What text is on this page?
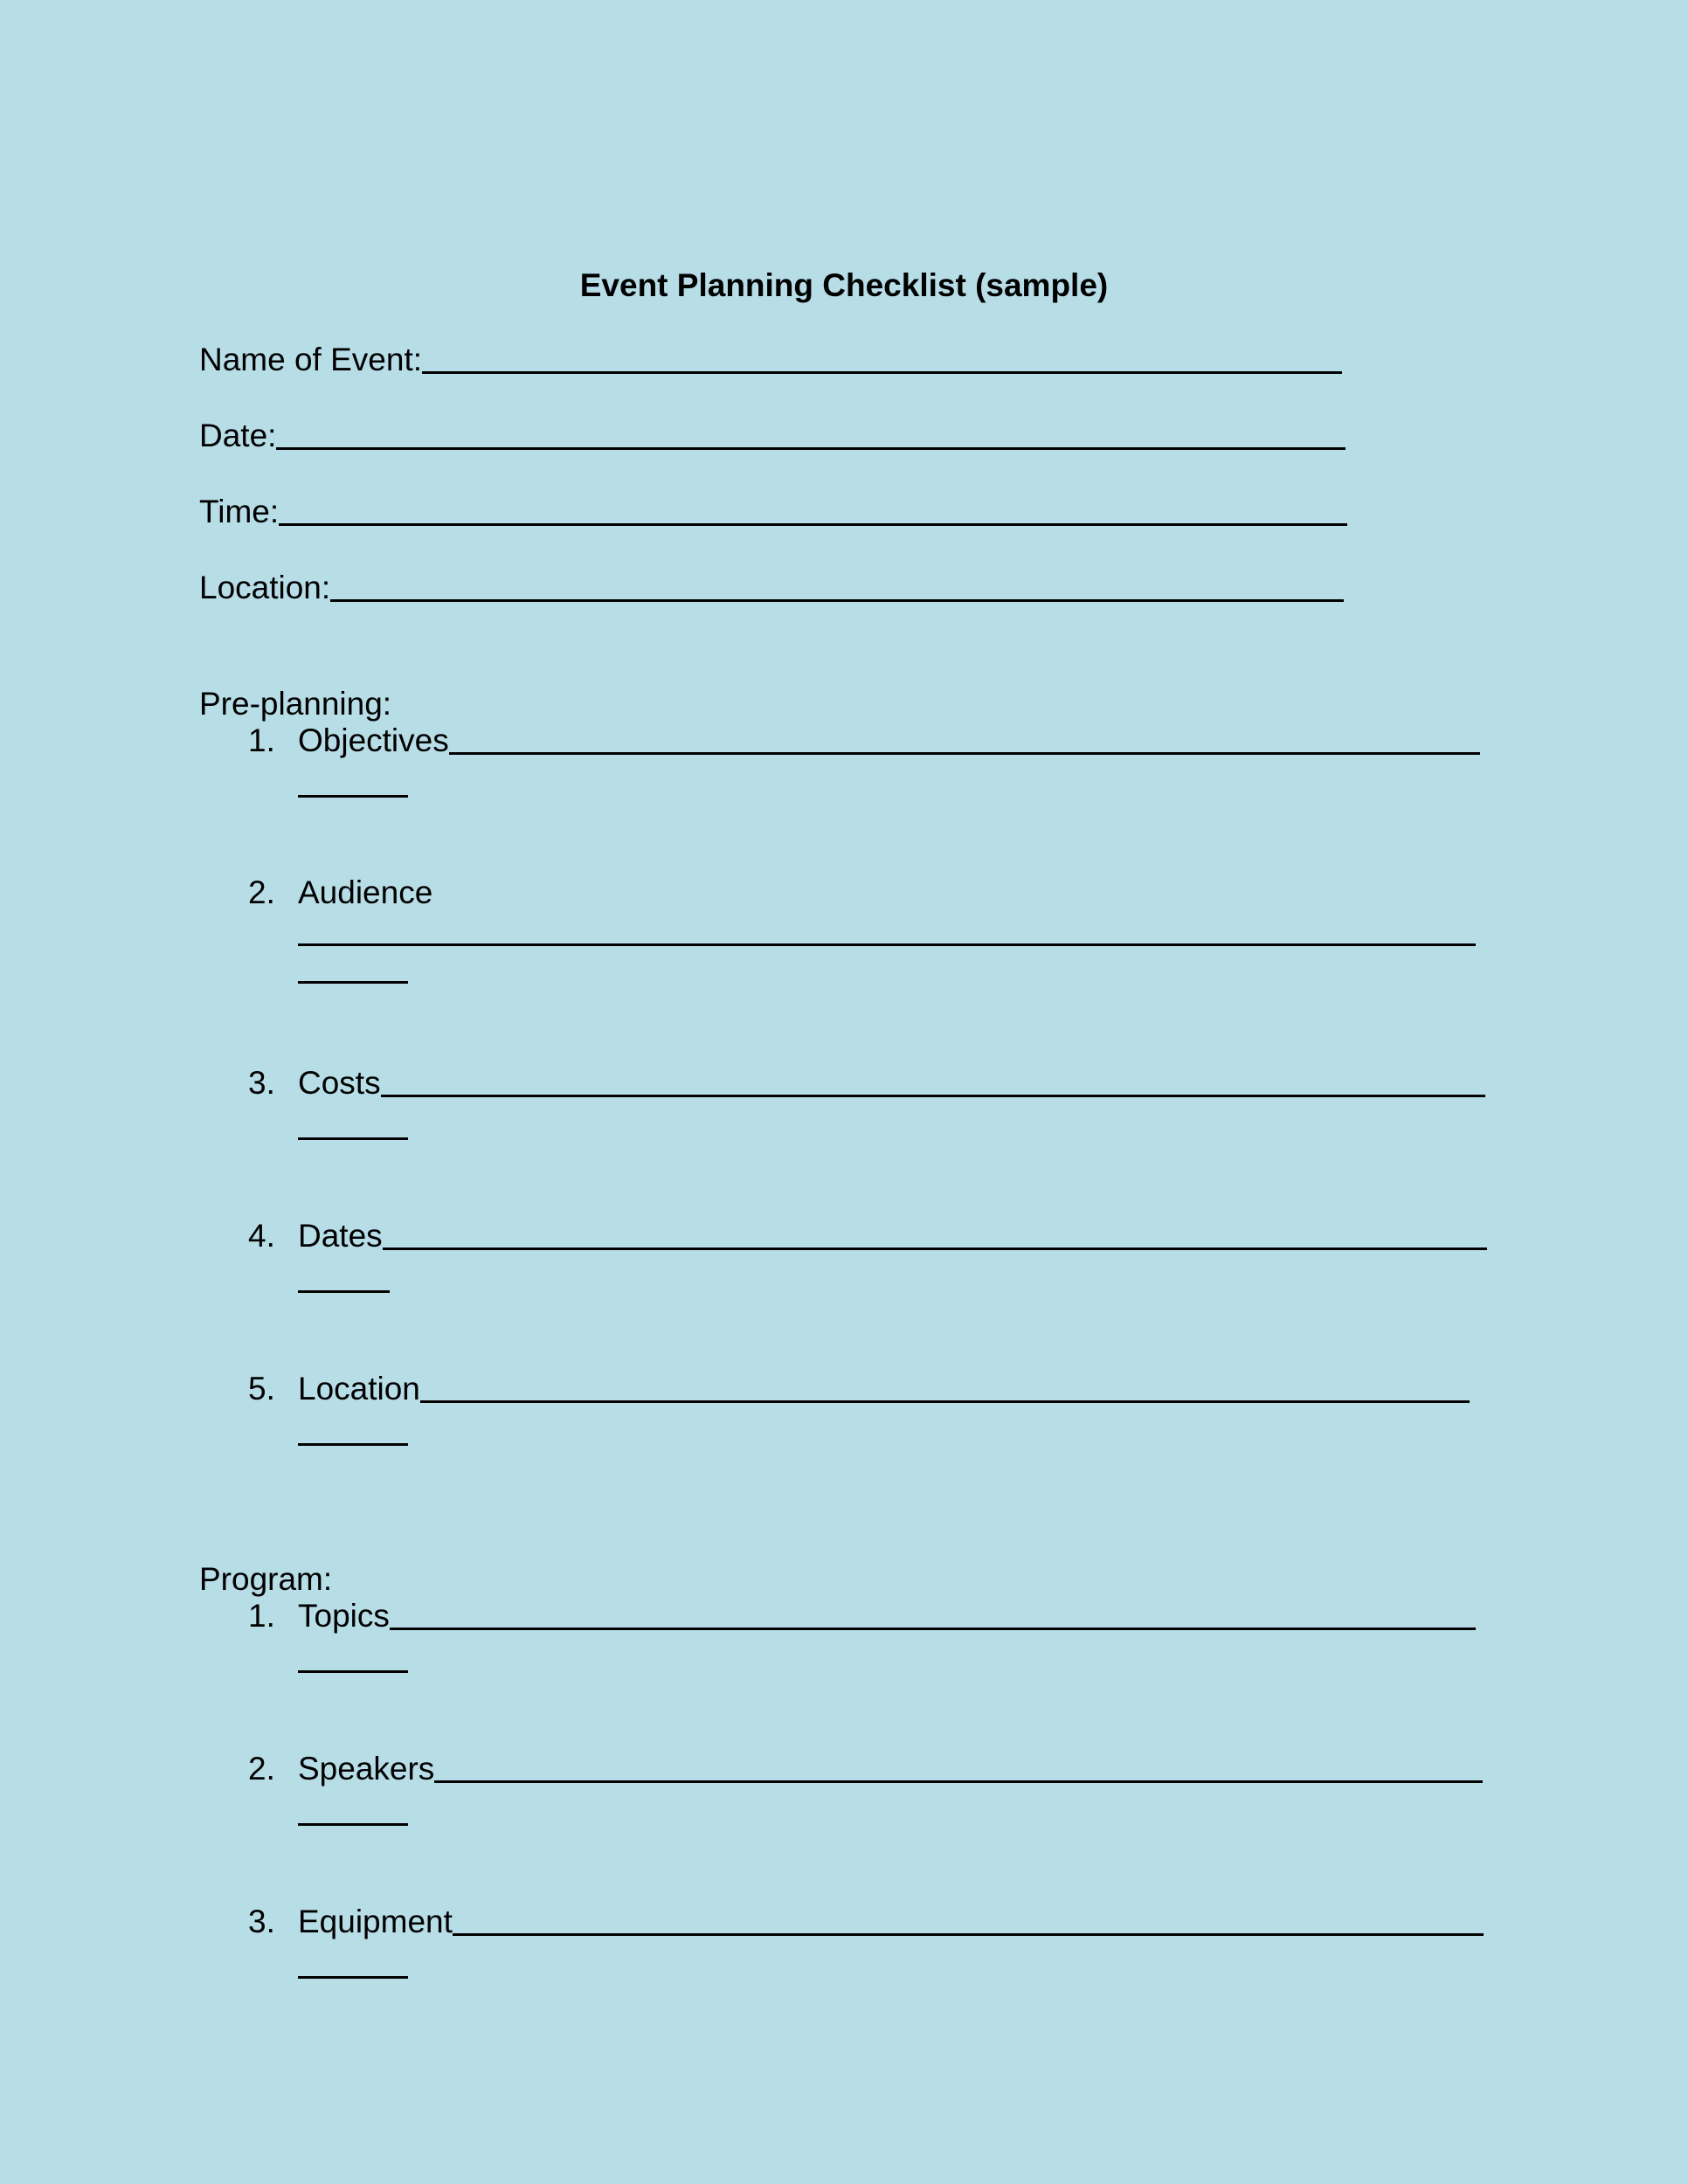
Event Planning Checklist (sample)
Name of Event:
Date:
Time:
Location:
Pre-planning:
1. Objectives
2. Audience
3. Costs
4. Dates
5. Location
Program:
1. Topics
2. Speakers
3. Equipment
